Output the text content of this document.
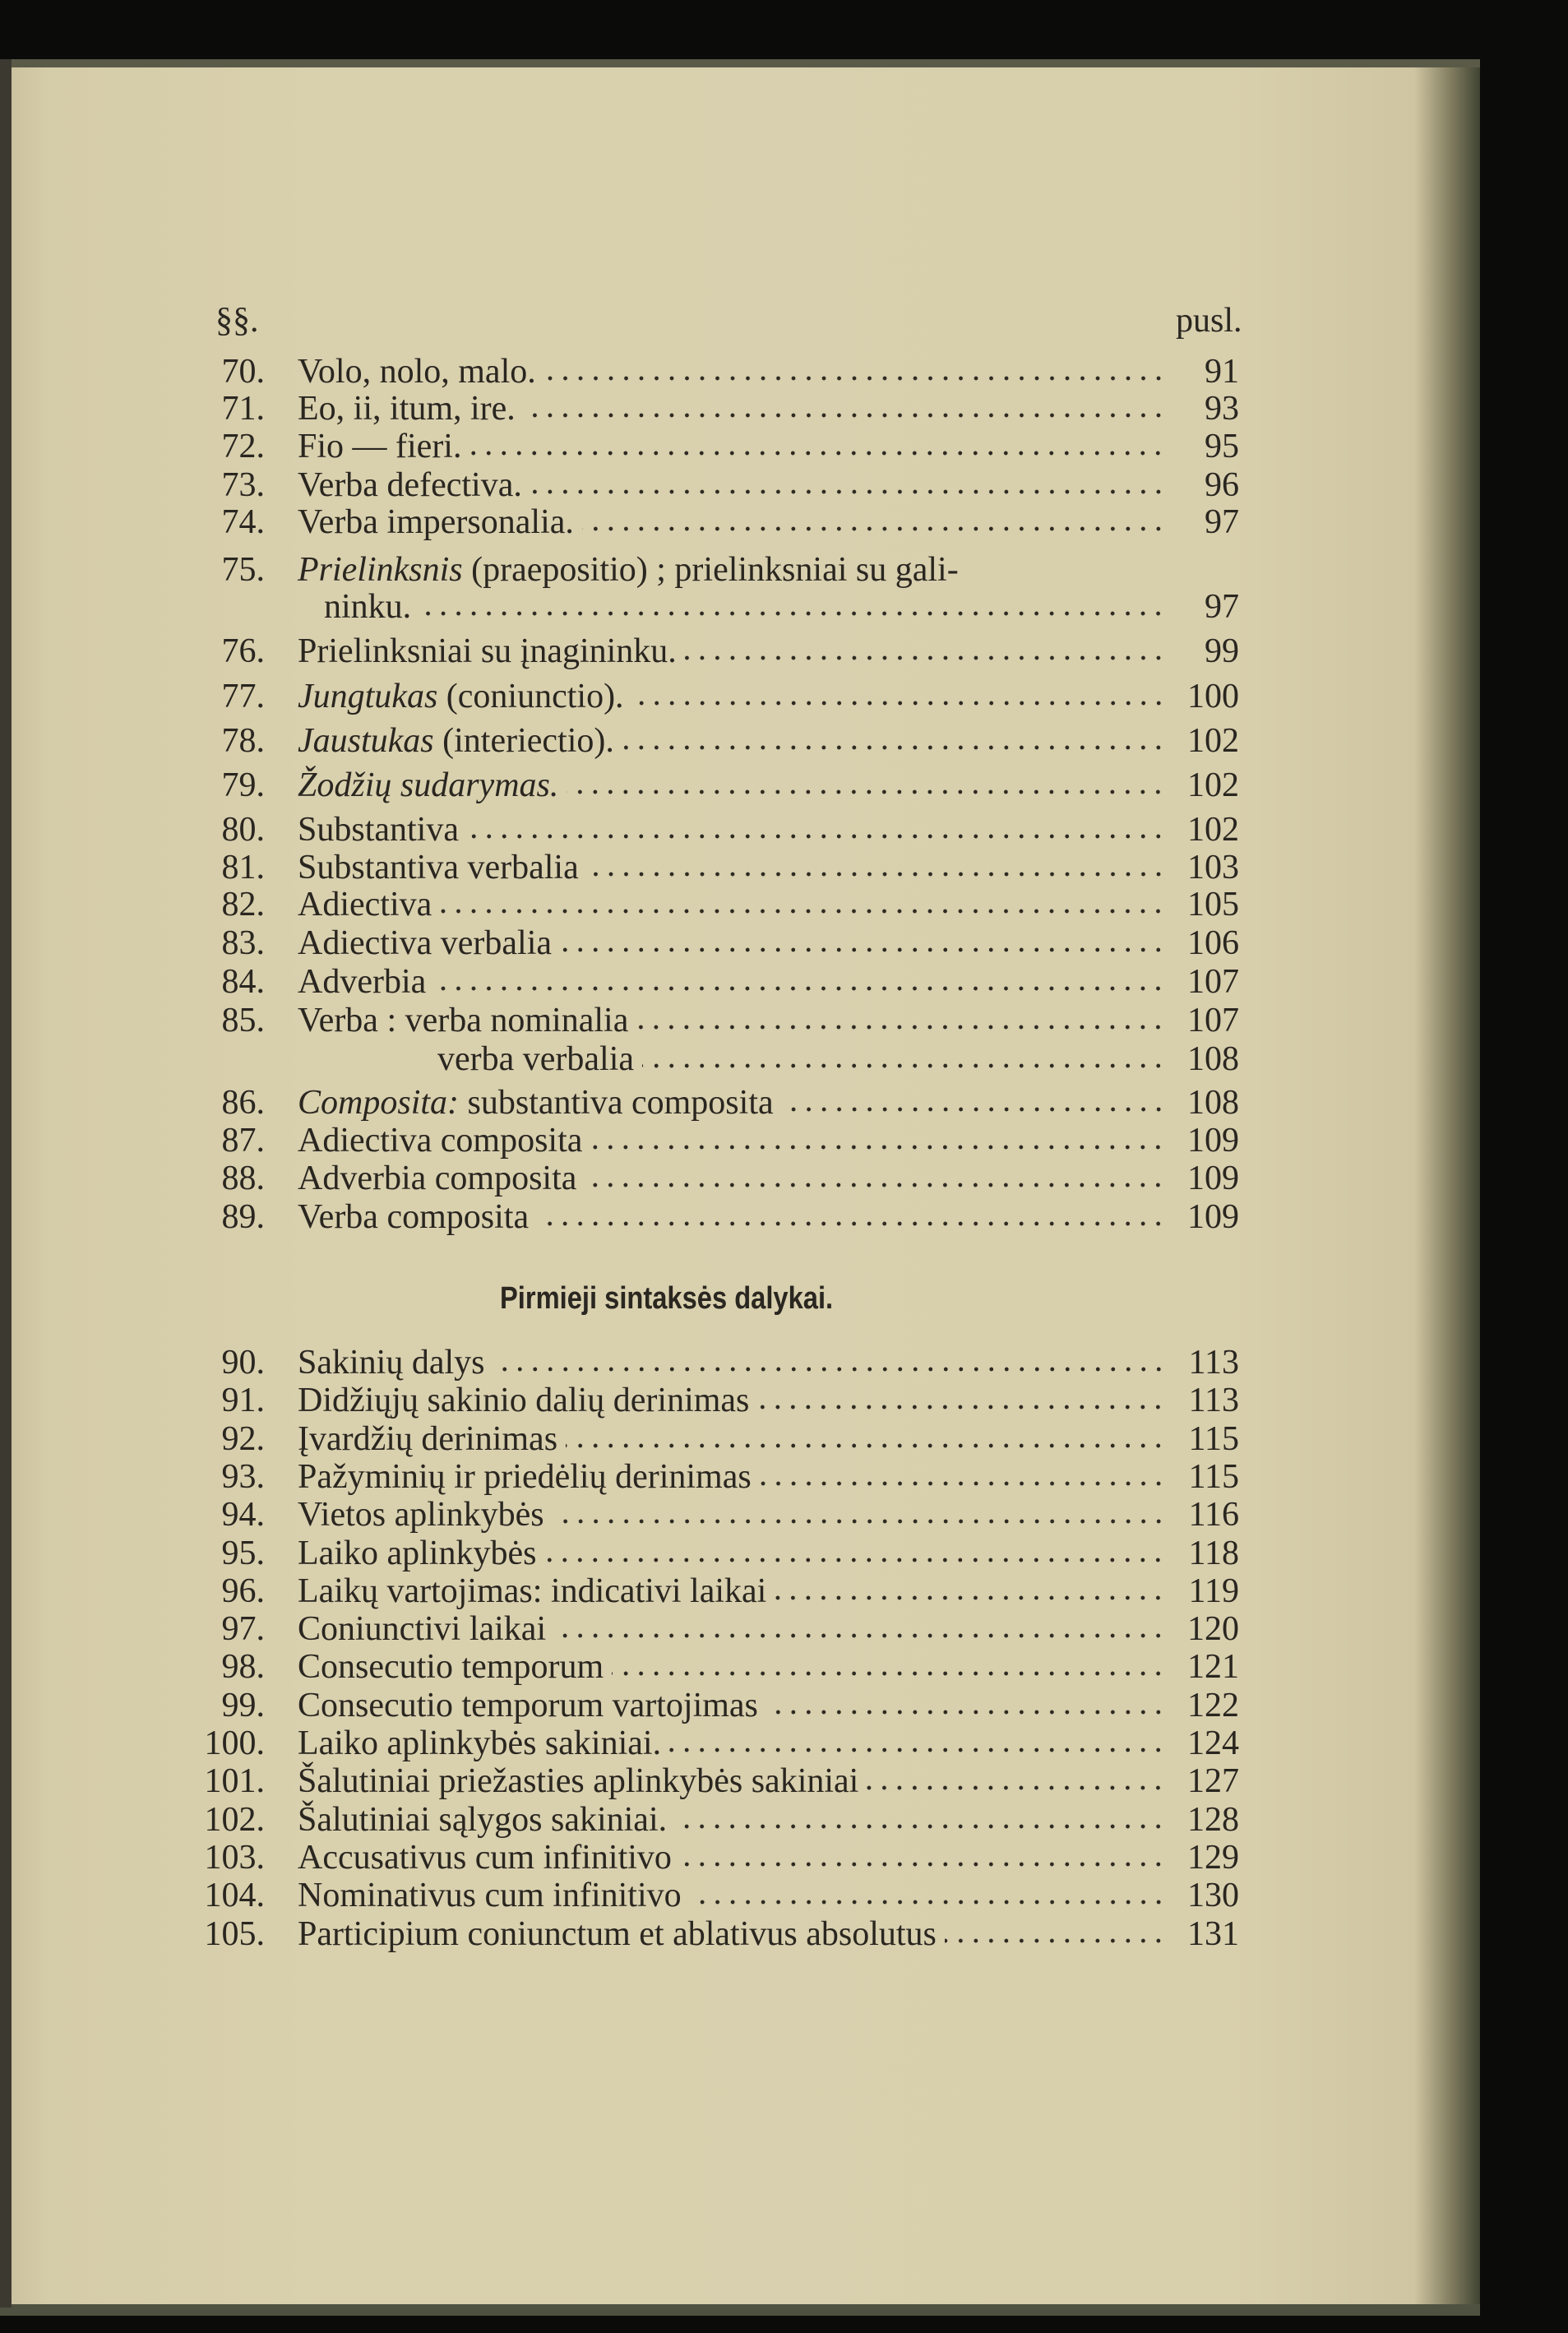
§§.	pusl.
70. Volo, nolo, malo.	91
71. Eo, ii, itum, ire.	93
72. Fio — fieri.	95
73. Verba defectiva.	96
74. Verba impersonalia.	97
75. Prielinksnis (praepositio) ; prielinksniai su gali-
ninku.	97
76. Prielinksniai su įnagininku.	99
77. Jungtukas (coniunctio).	100
78. Jaustukas (interiectio).	102
79. Žodžių sudarymas.	102
80. Substantiva	102
81. Substantiva verbalia	103
82. Adiectiva	105
83. Adiectiva verbalia	106
84. Adverbia	107
85. Verba : verba nominalia	107
verba verbalia	108
86. Composita: substantiva composita	108
87. Adiectiva composita	109
88. Adverbia composita	109
89. Verba composita	109
90. Sakinių dalys	113
91. Didžiųjų sakinio dalių derinimas	113
92. Įvardžių derinimas	115
93. Pažyminių ir priedėlių derinimas	115
94. Vietos aplinkybės	116
95. Laiko aplinkybės	118
96. Laikų vartojimas: indicativi laikai	119
97. Coniunctivi laikai	120
98. Consecutio temporum	121
99. Consecutio temporum vartojimas	122
100. Laiko aplinkybės sakiniai.	124
101. Šalutiniai priežasties aplinkybės sakiniai	127
102. Šalutiniai sąlygos sakiniai.	128
103. Accusativus cum infinitivo	129
104. Nominativus cum infinitivo	130
105. Participium coniunctum et ablativus absolutus	131
Pirmieji sintaksės dalykai.
